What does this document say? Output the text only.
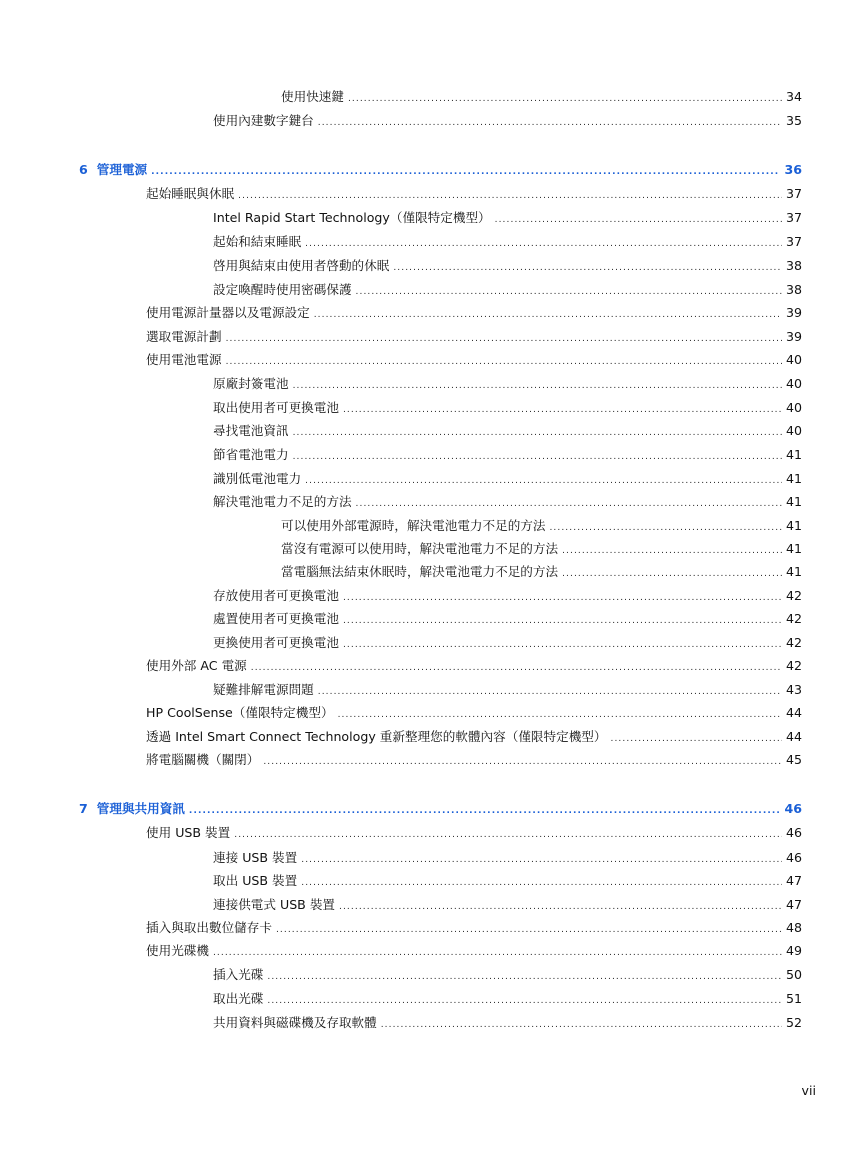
使用快速鍵 .....	34
使用內建數字鍵台 .....	35
6 管理電源 .....	36
起始睡眠與休眠 .....	37
Intel Rapid Start Technology（僅限特定機型） .....	37
起始和結束睡眠 .....	37
啓用與結束由使用者啓動的休眠 .....	38
設定喚醒時使用密碼保護 .....	38
使用電源計量器以及電源設定 .....	39
選取電源計劃 .....	39
使用電池電源 .....	40
原廠封簽電池 .....	40
取出使用者可更換電池 .....	40
尋找電池資訊 .....	40
節省電池電力 .....	41
識別低電池電力 .....	41
解決電池電力不足的方法 .....	41
可以使用外部電源時，解決電池電力不足的方法 .....	41
當沒有電源可以使用時，解決電池電力不足的方法 .....	41
當電腦無法結束休眠時，解決電池電力不足的方法 .....	41
存放使用者可更換電池 .....	42
處置使用者可更換電池 .....	42
更換使用者可更換電池 .....	42
使用外部 AC 電源 .....	42
疑難排解電源問題 .....	43
HP CoolSense（僅限特定機型） .....	44
透過 Intel Smart Connect Technology 重新整理您的軟體內容（僅限特定機型） .....	44
將電腦關機（關閉） .....	45
7 管理與共用資訊 .....	46
使用 USB 裝置 .....	46
連接 USB 裝置 .....	46
取出 USB 裝置 .....	47
連接供電式 USB 裝置 .....	47
插入與取出數位儲存卡 .....	48
使用光碟機 .....	49
插入光碟 .....	50
取出光碟 .....	51
共用資料與磁碟機及存取軟體 .....	52
vii
